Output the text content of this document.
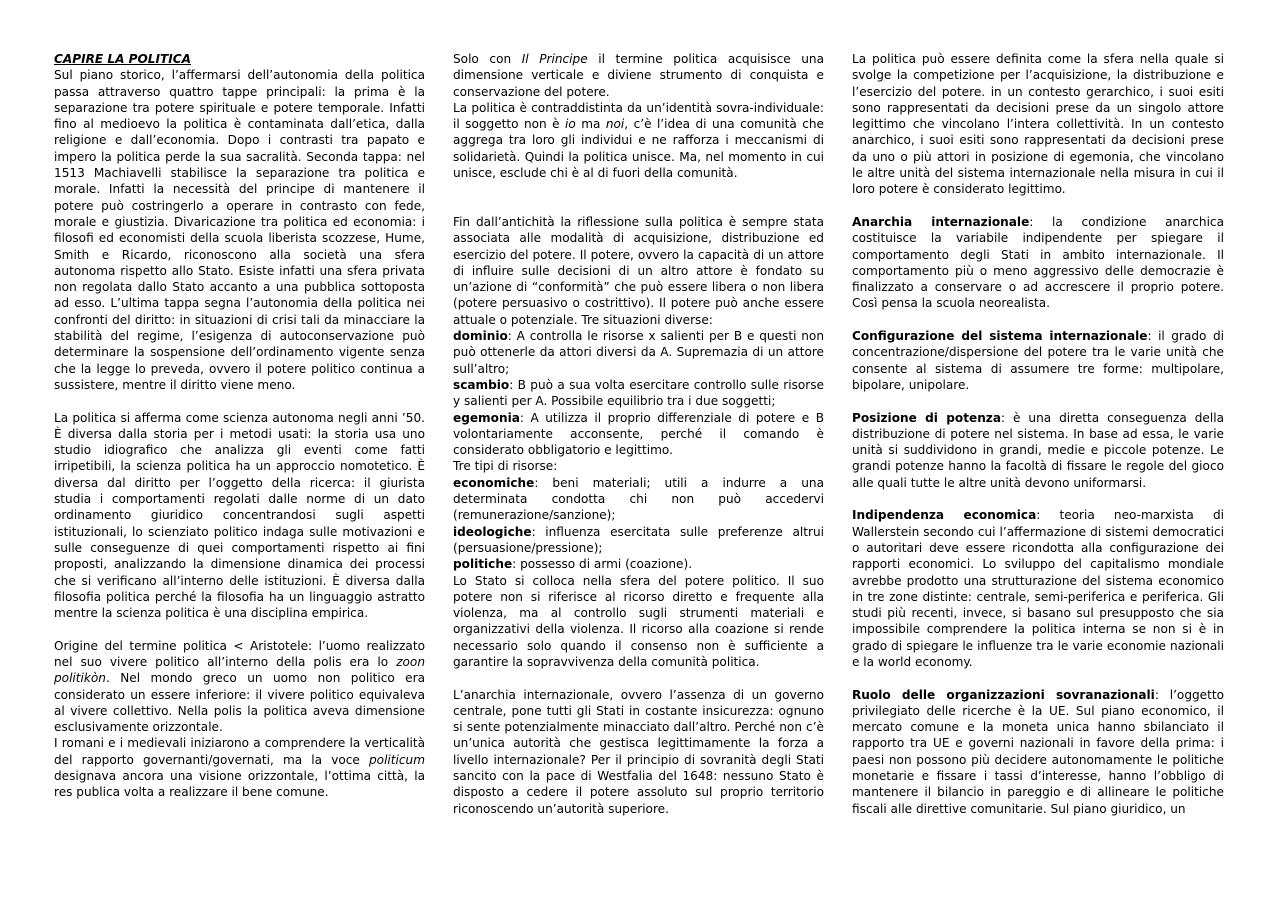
CAPIRE LA POLITICA

Sul piano storico, l’affermarsi dell’autonomia della politica passa attraverso quattro tappe principali: la prima è la separazione tra potere spirituale e potere temporale. Infatti fino al medioevo la politica è contaminata dall’etica, dalla religione e dall’economia. Dopo i contrasti tra papato e impero la politica perde la sua sacralità. Seconda tappa: nel 1513 Machiavelli stabilisce la separazione tra politica e morale. Infatti la necessità del principe di mantenere il potere può costringerlo a operare in contrasto con fede, morale e giustizia. Divaricazione tra politica ed economia: i filosofi ed economisti della scuola liberista scozzese, Hume, Smith e Ricardo, riconoscono alla società una sfera autonoma rispetto allo Stato. Esiste infatti una sfera privata non regolata dallo Stato accanto a una pubblica sottoposta ad esso. L’ultima tappa segna l’autonomia della politica nei confronti del diritto: in situazioni di crisi tali da minacciare la stabilità del regime, l’esigenza di autoconservazione può determinare la sospensione dell’ordinamento vigente senza che la legge lo preveda, ovvero il potere politico continua a sussistere, mentre il diritto viene meno.

La politica si afferma come scienza autonoma negli anni ’50. È diversa dalla storia per i metodi usati: la storia usa uno studio idiografico che analizza gli eventi come fatti irripetibili, la scienza politica ha un approccio nomotetico. È diversa dal diritto per l’oggetto della ricerca: il giurista studia i comportamenti regolati dalle norme di un dato ordinamento giuridico concentrandosi sugli aspetti istituzionali, lo scienziato politico indaga sulle motivazioni e sulle conseguenze di quei comportamenti rispetto ai fini proposti, analizzando la dimensione dinamica dei processi che si verificano all’interno delle istituzioni. È diversa dalla filosofia politica perché la filosofia ha un linguaggio astratto mentre la scienza politica è una disciplina empirica.

Origine del termine politica < Aristotele: l’uomo realizzato nel suo vivere politico all’interno della polis era lo zoon politikòn. Nel mondo greco un uomo non politico era considerato un essere inferiore: il vivere politico equivaleva al vivere collettivo. Nella polis la politica aveva dimensione esclusivamente orizzontale.

I romani e i medievali iniziarono a comprendere la verticalità del rapporto governanti/governati, ma la voce politicum designava ancora una visione orizzontale, l’ottima città, la res publica volta a realizzare il bene comune.

Solo con Il Principe il termine politica acquisisce una dimensione verticale e diviene strumento di conquista e conservazione del potere.

La politica è contraddistinta da un’identità sovra-individuale: il soggetto non è io ma noi, c’è l’idea di una comunità che aggrega tra loro gli individui e ne rafforza i meccanismi di solidarietà. Quindi la politica unisce. Ma, nel momento in cui unisce, esclude chi è al di fuori della comunità.

Fin dall’antichità la riflessione sulla politica è sempre stata associata alle modalità di acquisizione, distribuzione ed esercizio del potere. Il potere, ovvero la capacità di un attore di influire sulle decisioni di un altro attore è fondato su un’azione di “conformità” che può essere libera o non libera (potere persuasivo o costrittivo). Il potere può anche essere attuale o potenziale. Tre situazioni diverse:

dominio: A controlla le risorse x salienti per B e questi non può ottenerle da attori diversi da A. Supremazia di un attore sull’altro;

scambio: B può a sua volta esercitare controllo sulle risorse y salienti per A. Possibile equilibrio tra i due soggetti;

egemonia: A utilizza il proprio differenziale di potere e B volontariamente acconsente, perché il comando è considerato obbligatorio e legittimo.

Tre tipi di risorse:

economiche: beni materiali; utili a indurre a una determinata condotta chi non può accedervi (remunerazione/sanzione);

ideologiche: influenza esercitata sulle preferenze altrui (persuasione/pressione);

politiche: possesso di armi (coazione).

Lo Stato si colloca nella sfera del potere politico. Il suo potere non si riferisce al ricorso diretto e frequente alla violenza, ma al controllo sugli strumenti materiali e organizzativi della violenza. Il ricorso alla coazione si rende necessario solo quando il consenso non è sufficiente a garantire la sopravvivenza della comunità politica.

L’anarchia internazionale, ovvero l’assenza di un governo centrale, pone tutti gli Stati in costante insicurezza: ognuno si sente potenzialmente minacciato dall’altro. Perché non c’è un’unica autorità che gestisca legittimamente la forza a livello internazionale? Per il principio di sovranità degli Stati sancito con la pace di Westfalia del 1648: nessuno Stato è disposto a cedere il potere assoluto sul proprio territorio riconoscendo un’autorità superiore.

La politica può essere definita come la sfera nella quale si svolge la competizione per l’acquisizione, la distribuzione e l’esercizio del potere. in un contesto gerarchico, i suoi esiti sono rappresentati da decisioni prese da un singolo attore legittimo che vincolano l’intera collettività. In un contesto anarchico, i suoi esiti sono rappresentati da decisioni prese da uno o più attori in posizione di egemonia, che vincolano le altre unità del sistema internazionale nella misura in cui il loro potere è considerato legittimo.

Anarchia internazionale: la condizione anarchica costituisce la variabile indipendente per spiegare il comportamento degli Stati in ambito internazionale. Il comportamento più o meno aggressivo delle democrazie è finalizzato a conservare o ad accrescere il proprio potere. Così pensa la scuola neorealista.

Configurazione del sistema internazionale: il grado di concentrazione/dispersione del potere tra le varie unità che consente al sistema di assumere tre forme: multipolare, bipolare, unipolare.

Posizione di potenza: è una diretta conseguenza della distribuzione di potere nel sistema. In base ad essa, le varie unità si suddividono in grandi, medie e piccole potenze. Le grandi potenze hanno la facoltà di fissare le regole del gioco alle quali tutte le altre unità devono uniformarsi.

Indipendenza economica: teoria neo-marxista di Wallerstein secondo cui l’affermazione di sistemi democratici o autoritari deve essere ricondotta alla configurazione dei rapporti economici. Lo sviluppo del capitalismo mondiale avrebbe prodotto una strutturazione del sistema economico in tre zone distinte: centrale, semi-periferica e periferica. Gli studi più recenti, invece, si basano sul presupposto che sia impossibile comprendere la politica interna se non si è in grado di spiegare le influenze tra le varie economie nazionali e la world economy.

Ruolo delle organizzazioni sovranazionali: l’oggetto privilegiato delle ricerche è la UE. Sul piano economico, il mercato comune e la moneta unica hanno sbilanciato il rapporto tra UE e governi nazionali in favore della prima: i paesi non possono più decidere autonomamente le politiche monetarie e fissare i tassi d’interesse, hanno l’obbligo di mantenere il bilancio in pareggio e di allineare le politiche fiscali alle direttive comunitarie. Sul piano giuridico, un
